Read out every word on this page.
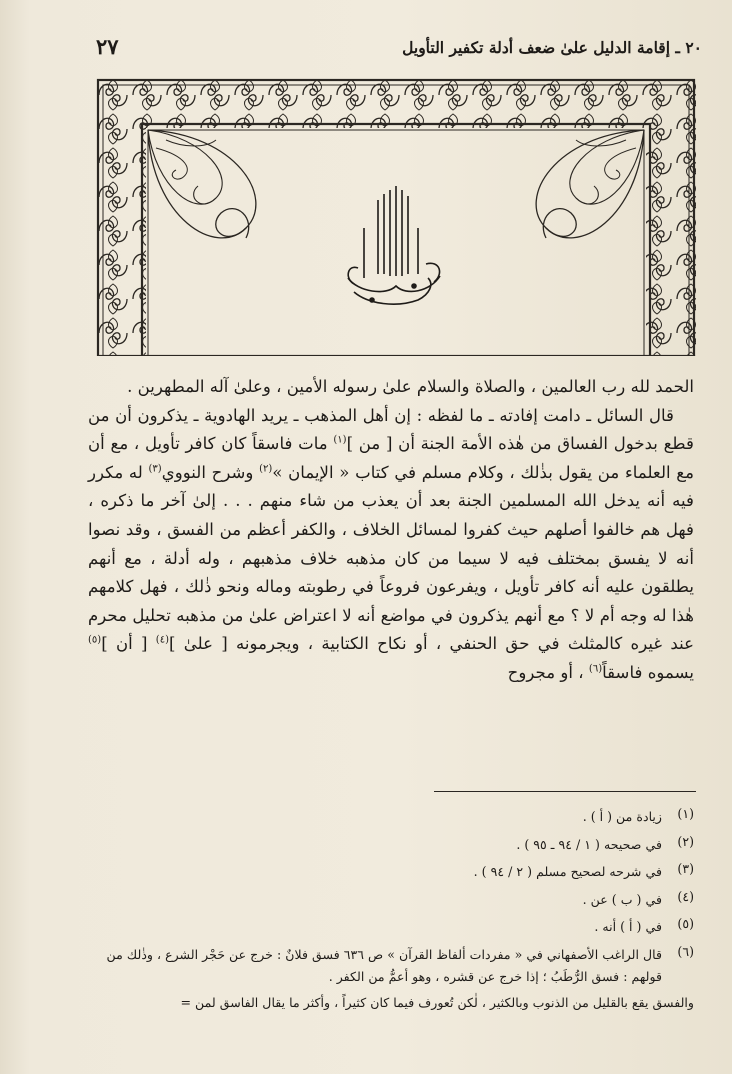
٢٠ ـ إقامة الدليل علىٰ ضعف أدلة تكفير التأويل
٢٧

الحمد لله رب العالمين ، والصلاة والسلام علىٰ رسوله الأمين ، وعلىٰ آله المطهرين .

قال السائل ـ دامت إفادته ـ ما لفظه : إن أهل المذهب ـ يريد الهادوية ـ يذكرون أن من قطع بدخول الفساق من هٰذه الأمة الجنة أن [ من ]$^{(١)}$ مات فاسقاً كان كافر تأويل ، مع أن مع العلماء من يقول بذٰلك ، وكلام مسلم في كتاب « الإيمان »$^{(٢)}$ وشرح النووي$^{(٣)}$ له مكرر فيه أنه يدخل الله المسلمين الجنة بعد أن يعذب من شاء منهم . . . إلىٰ آخر ما ذكره ، فهل هم خالفوا أصلهم حيث كفروا لمسائل الخلاف ، والكفر أعظم من الفسق ، وقد نصوا أنه لا يفسق بمختلف فيه لا سيما من كان مذهبه خلاف مذهبهم ، وله أدلة ، مع أنهم يطلقون عليه أنه كافر تأويل ، ويفرعون فروعاً في رطوبته وماله ونحو ذٰلك ، فهل كلامهم هٰذا له وجه أم لا ؟ مع أنهم يذكرون في مواضع أنه لا اعتراض علىٰ من مذهبه تحليل محرم عند غيره كالمثلث في حق الحنفي ، أو نكاح الكتابية ، ويجرمونه [ علىٰ ]$^{(٤)}$ [ أن ]$^{(٥)}$ يسموه فاسقاً$^{(٦)}$ ، أو مجروح

(١)
زيادة من ( أ ) .
(٢)
في صحيحه ( ١ / ٩٤ ـ ٩٥ ) .
(٣)
في شرحه لصحيح مسلم ( ٢ / ٩٤ ) .
(٤)
في ( ب ) عن .
(٥)
في ( أ ) أنه .
(٦)
قال الراغب الأصفهاني في « مفردات ألفاظ القرآن » ص ٦٣٦ فسق فلانٌ : خرج عن حَجْر الشرع ، وذٰلك من قولهم : فسق الرُّطَبُ ؛ إذا خرج عن قشره ، وهو أعمُّ من الكفر .
والفسق يقع بالقليل من الذنوب وبالكثير ، لٰكن تُعورف فيما كان كثيراً ، وأكثر ما يقال الفاسق لمن =
